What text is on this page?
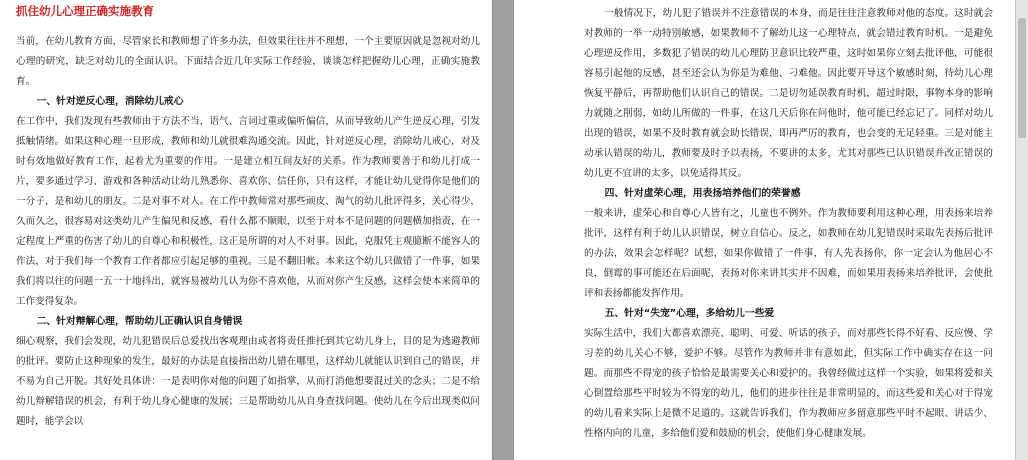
抓住幼儿心理正确实施教育

当前，在幼儿教育方面，尽管家长和教师想了许多办法，但效果往往并不理想，一个主要原因就是忽视对幼儿心理的研究，缺乏对幼儿的全面认识。下面结合近几年实际工作经验，谈谈怎样把握幼儿心理，正确实施教育。

一、针对逆反心理，消除幼儿戒心

在工作中，我们发现有些教师由于方法不当，语气、言词过重或偏听偏信，从而导致幼儿产生逆反心理，引发抵触情绪。如果这种心理一旦形成，教师和幼儿就很难沟通交流。因此，针对逆反心理，消除幼儿戒心，对及时有效地做好教育工作，起着尤为重要的作用。一是建立相互间友好的关系。作为教师要善于和幼儿打成一片，要多通过学习、游戏和各种活动让幼儿熟悉你、喜欢你、信任你，只有这样，才能让幼儿觉得你是他们的一分子，是和幼儿的朋友。二是对事不对人。在工作中教师常对那些顽皮、淘气的幼儿批评得多，关心得少，久而久之，很容易对这类幼儿产生偏见和反感，看什么都不顺眼，以至于对本不是问题的问题横加指责，在一定程度上严重的伤害了幼儿的自尊心和积极性，这正是所谓的对人不对事。因此，克服凭主观臆断不能容人的作法，对于我们每一个教育工作者都应引起足够的重视。三是不翻旧帐。本来这个幼儿只做错了一件事，如果我们将以往的问题一五一十地抖出，就容易被幼儿认为你不喜欢他，从而对你产生反感，这样会使本来简单的工作变得复杂。

二、针对辩解心理，帮助幼儿正确认识自身错误

细心观察，我们会发现，幼儿犯错误后总爱找出客观理由或者将责任推托到其它幼儿身上，目的是为逃避教师的批评。要防止这种现象的发生，最好的办法是直接指出幼儿错在哪里，这样幼儿就能认识到自己的错误，并不易为自己开脱。其好处具体讲：一是表明你对他的问题了如指掌，从而打消他想要混过关的念头；二是不给幼儿辩解错误的机会，有利于幼儿身心健康的发展；三是帮助幼儿从自身查找问题。使幼儿在今后出现类似问题时，能学会以

一般情况下，幼儿犯了错误并不注意错误的本身，而是往往注意教师对他的态度。这时就会对教师的一举一动特别敏感，如果教师不了解幼儿这一心理特点，就会错过教育时机。一是避免心理逆反作用，多数犯了错误的幼儿心理防卫意识比较严重，这时如果你立刻去批评他，可能很容易引起他的反感，甚至还会认为你是为难他、刁难他。因此要开导这个敏感时刻，待幼儿心理恢复平静后，再帮助他们认识自己的错误。二是切勿延误教育时机，超过时限，事物本身的影响力就随之削弱，如幼儿所做的一件事，在这几天后你在问他时，他可能已经忘记了。同样对幼儿出现的错误，如果不及时教育就会助长错误，即再严厉的教育，也会变的无足轻重。三是对能主动承认错误的幼儿，教师要及时予以表扬，不要讲的太多，尤其对那些已认识错误并改正错误的幼儿更不宜讲的太多，以免适得其反。

四、针对虚荣心理，用表扬培养他们的荣誉感

一般来讲，虚荣心和自尊心人皆有之，儿童也不例外。作为教师要利用这种心理，用表扬来培养批评，这样有利于幼儿认识错误，树立自信心。反之，如教师在幼儿犯错误时采取先表扬后批评的办法，效果会怎样呢？试想，如果你做错了一件事，有人先表扬你，你一定会认为他居心不良，倒霉的事可能还在后面呢，表扬对你来讲其实并不因难，而如果用表扬来培养批评，会使批评和表扬都能发挥作用。

五、针对“失宠”心理，多给幼儿一些爱

实际生活中，我们大都喜欢漂亮、聪明、可爱、听话的孩子，而对那些长得不好看、反应慢、学习差的幼儿关心不够，爱护不够。尽管作为教师并非有意如此，但实际工作中确实存在这一问题。而那些不得宠的孩子恰恰是最需要关心和爱护的。我曾经做过这样一个实验，如果将爱和关心倒置给那些平时较为不得宠的幼儿，他们的进步往往是非常明显的，而这些爱和关心对于得宠的幼儿看来实际上是微不足道的。这就告诉我们，作为教师应多留意那些平时不起眼、讲话少、性格内向的儿童，多给他们爱和鼓励的机会，使他们身心健康发展。
